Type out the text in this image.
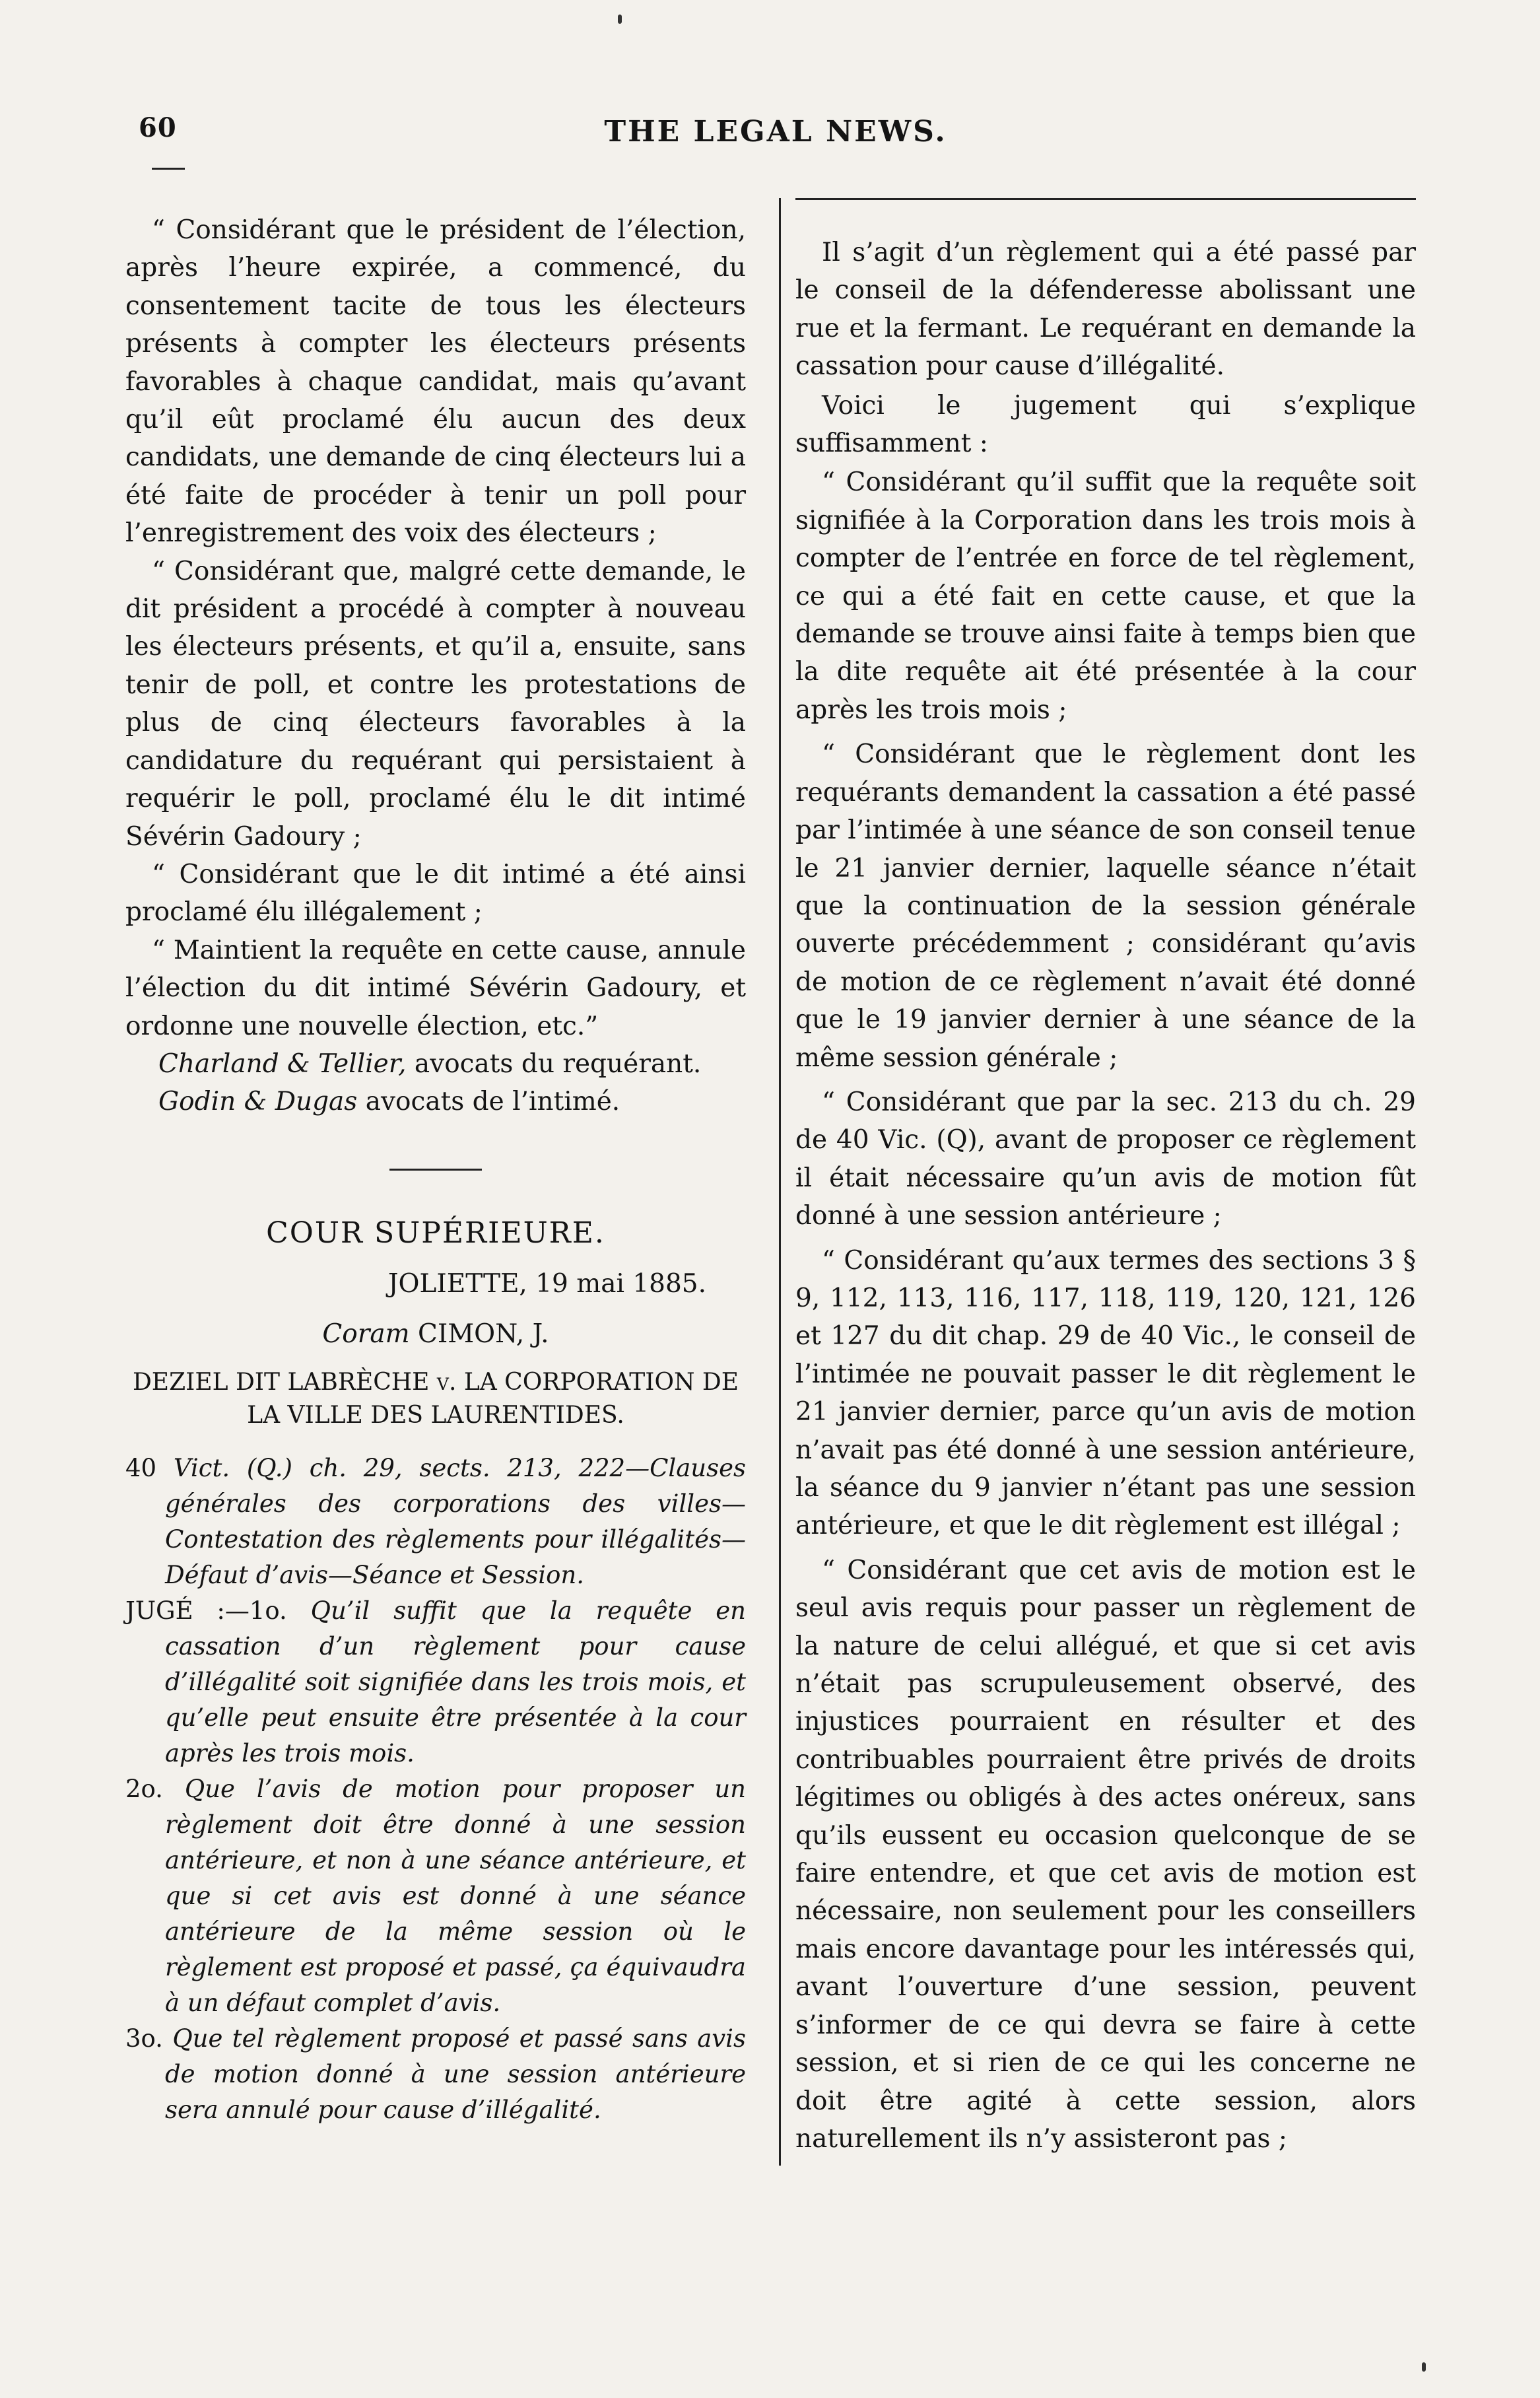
60	THE LEGAL NEWS.

“ Considérant que le président de l’élection, après l’heure expirée, a commencé, du consentement tacite de tous les électeurs présents à compter les électeurs présents favorables à chaque candidat, mais qu’avant qu’il eût proclamé élu aucun des deux candidats, une demande de cinq électeurs lui a été faite de procéder à tenir un poll pour l’enregistrement des voix des électeurs ;

“ Considérant que, malgré cette demande, le dit président a procédé à compter à nouveau les électeurs présents, et qu’il a, ensuite, sans tenir de poll, et contre les protestations de plus de cinq électeurs favorables à la candidature du requérant qui persistaient à requérir le poll, proclamé élu le dit intimé Sévérin Gadoury ;

“ Considérant que le dit intimé a été ainsi proclamé élu illégalement ;

“ Maintient la requête en cette cause, annule l’élection du dit intimé Sévérin Gadoury, et ordonne une nouvelle élection, etc.”

Charland & Tellier, avocats du requérant.

Godin & Dugas avocats de l’intimé.

COUR SUPÉRIEURE.

JOLIETTE, 19 mai 1885.

Coram CIMON, J.

DEZIEL DIT LABRÈCHE v. LA CORPORATION DE LA VILLE DES LAURENTIDES.

40 Vict. (Q.) ch. 29, sects. 213, 222—Clauses générales des corporations des villes—Contestation des règlements pour illégalités—Défaut d’avis—Séance et Session.

JUGÉ :—1o. Qu’il suffit que la requête en cassation d’un règlement pour cause d’illégalité soit signifiée dans les trois mois, et qu’elle peut ensuite être présentée à la cour après les trois mois.

2o. Que l’avis de motion pour proposer un règlement doit être donné à une session antérieure, et non à une séance antérieure, et que si cet avis est donné à une séance antérieure de la même session où le règlement est proposé et passé, ça équivaudra à un défaut complet d’avis.

3o. Que tel règlement proposé et passé sans avis de motion donné à une session antérieure sera annulé pour cause d’illégalité.

Il s’agit d’un règlement qui a été passé par le conseil de la défenderesse abolissant une rue et la fermant. Le requérant en demande la cassation pour cause d’illégalité.

Voici le jugement qui s’explique suffisamment :

“ Considérant qu’il suffit que la requête soit signifiée à la Corporation dans les trois mois à compter de l’entrée en force de tel règlement, ce qui a été fait en cette cause, et que la demande se trouve ainsi faite à temps bien que la dite requête ait été présentée à la cour après les trois mois ;

“ Considérant que le règlement dont les requérants demandent la cassation a été passé par l’intimée à une séance de son conseil tenue le 21 janvier dernier, laquelle séance n’était que la continuation de la session générale ouverte précédemment ; considérant qu’avis de motion de ce règlement n’avait été donné que le 19 janvier dernier à une séance de la même session générale ;

“ Considérant que par la sec. 213 du ch. 29 de 40 Vic. (Q), avant de proposer ce règlement il était nécessaire qu’un avis de motion fût donné à une session antérieure ;

“ Considérant qu’aux termes des sections 3 § 9, 112, 113, 116, 117, 118, 119, 120, 121, 126 et 127 du dit chap. 29 de 40 Vic., le conseil de l’intimée ne pouvait passer le dit règlement le 21 janvier dernier, parce qu’un avis de motion n’avait pas été donné à une session antérieure, la séance du 9 janvier n’étant pas une session antérieure, et que le dit règlement est illégal ;

“ Considérant que cet avis de motion est le seul avis requis pour passer un règlement de la nature de celui allégué, et que si cet avis n’était pas scrupuleusement observé, des injustices pourraient en résulter et des contribuables pourraient être privés de droits légitimes ou obligés à des actes onéreux, sans qu’ils eussent eu occasion quelconque de se faire entendre, et que cet avis de motion est nécessaire, non seulement pour les conseillers mais encore davantage pour les intéressés qui, avant l’ouverture d’une session, peuvent s’informer de ce qui devra se faire à cette session, et si rien de ce qui les concerne ne doit être agité à cette session, alors naturellement ils n’y assisteront pas ;
